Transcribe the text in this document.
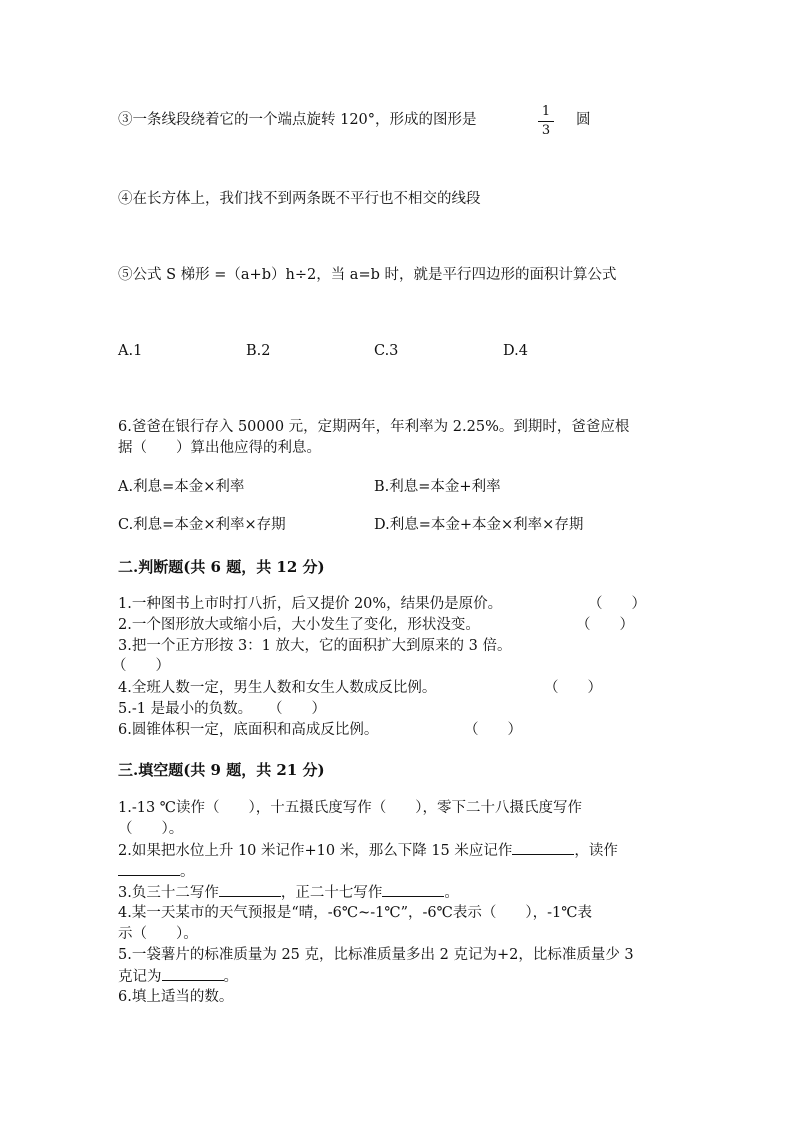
③一条线段绕着它的一个端点旋转 120°，形成的图形是	$\frac{1}{3}$ 圆
④在长方体上，我们找不到两条既不平行也不相交的线段
⑤公式 S 梯形 =（a+b）h÷2，当 a=b 时，就是平行四边形的面积计算公式
A.1	B.2	C.3	D.4
6.爸爸在银行存入 50000 元，定期两年，年利率为 2.25%。到期时，爸爸应根
据（　　）算出他应得的利息。
A.利息=本金×利率	B.利息=本金+利率
C.利息=本金×利率×存期	D.利息=本金+本金×利率×存期
二.判断题(共 6 题，共 12 分)
1.一种图书上市时打八折，后又提价 20%，结果仍是原价。	（　　）
2.一个图形放大或缩小后，大小发生了变化，形状没变。	（　　）
3.把一个正方形按 3：1 放大，它的面积扩大到原来的 3 倍。
（　　）
4.全班人数一定，男生人数和女生人数成反比例。	（　　）
5.-1 是最小的负数。 （　　）
6.圆锥体积一定，底面积和高成反比例。	（　　）
三.填空题(共 9 题，共 21 分)
1.-13 ℃读作（　　），十五摄氏度写作（　　），零下二十八摄氏度写作
（　　）。
2.如果把水位上升 10 米记作+10 米，那么下降 15 米应记作	，读作
。
3.负三十二写作	，正二十七写作	。
4.某一天某市的天气预报是“晴，-6℃~-1℃”，-6℃表示（　　），-1℃表
示（　　）。
5.一袋薯片的标准质量为 25 克，比标准质量多出 2 克记为+2，比标准质量少 3
克记为	。
6.填上适当的数。
